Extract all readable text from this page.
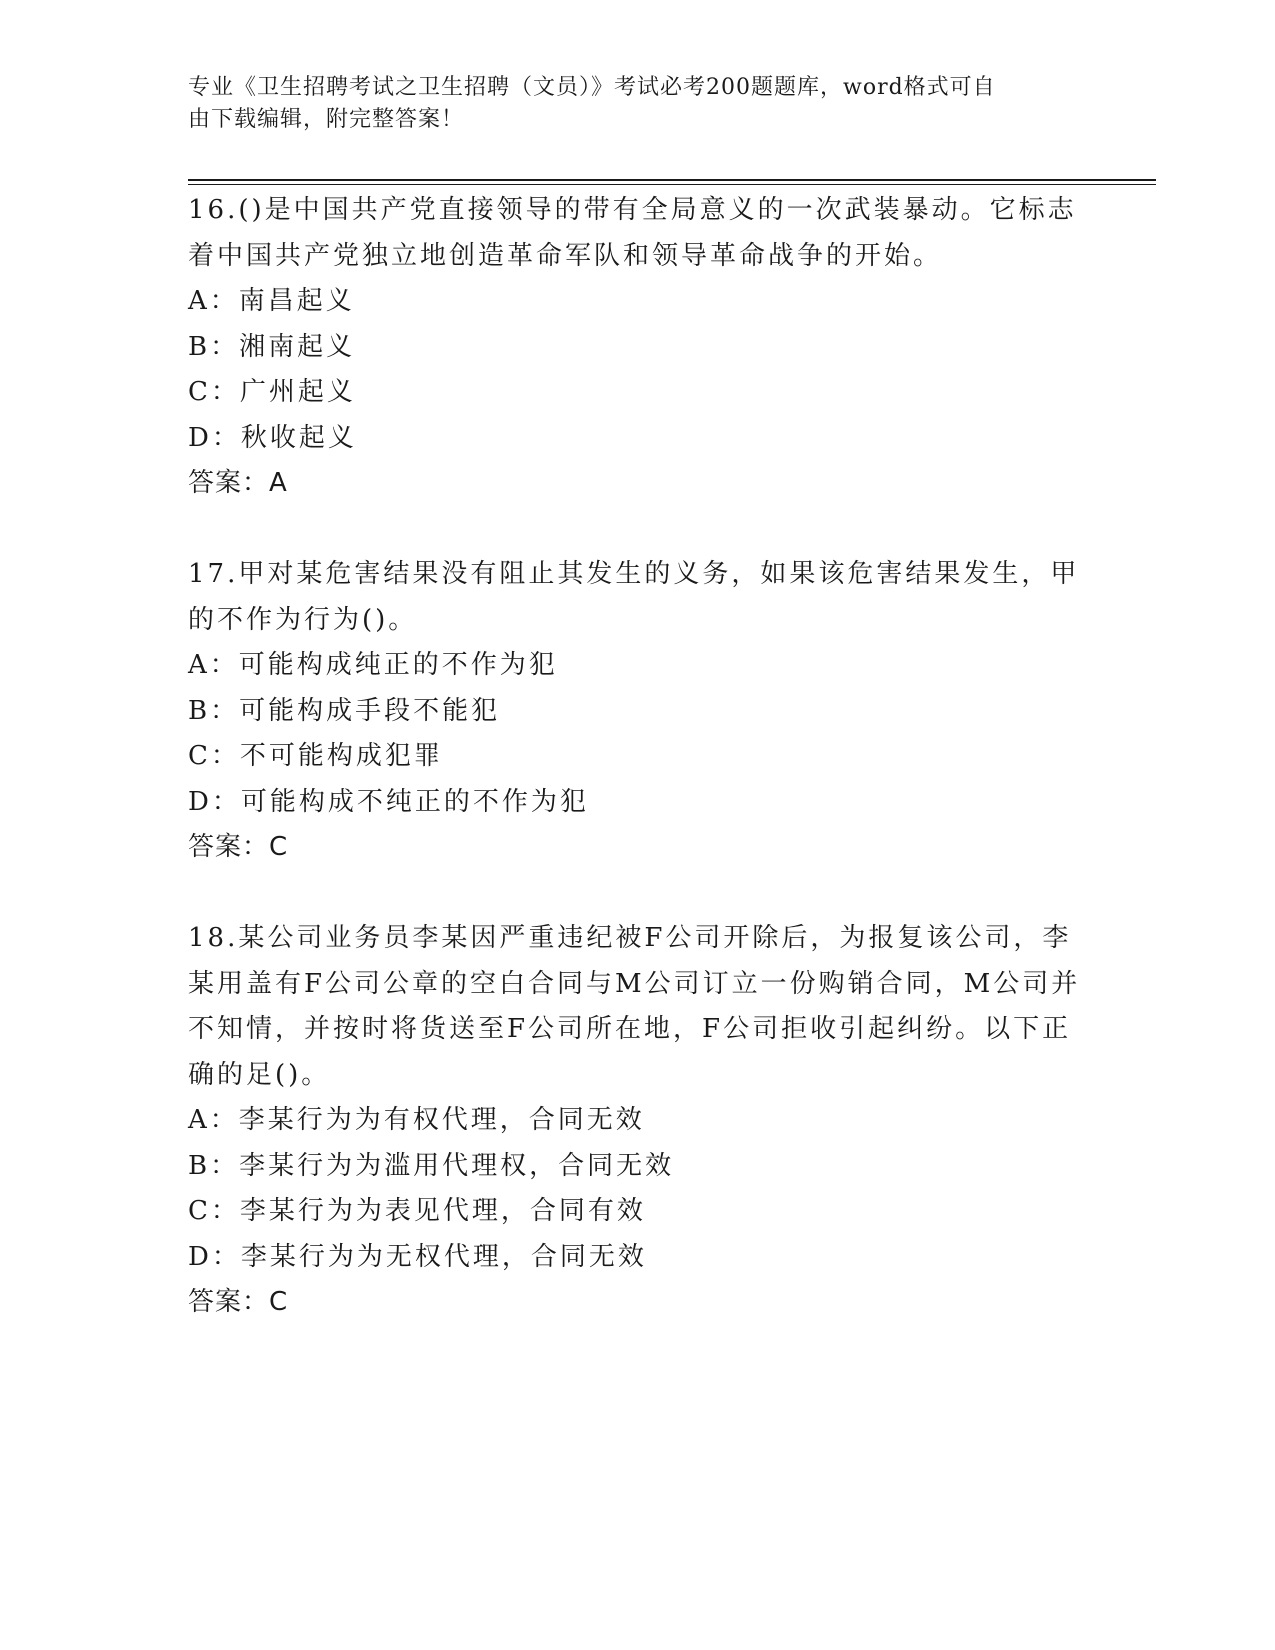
专业《卫生招聘考试之卫生招聘（文员）》考试必考200题题库，word格式可自
由下载编辑，附完整答案！
16.()是中国共产党直接领导的带有全局意义的一次武装暴动。它标志
着中国共产党独立地创造革命军队和领导革命战争的开始。
A：南昌起义
B：湘南起义
C：广州起义
D：秋收起义
答案：A
17.甲对某危害结果没有阻止其发生的义务，如果该危害结果发生，甲
的不作为行为()。
A：可能构成纯正的不作为犯
B：可能构成手段不能犯
C：不可能构成犯罪
D：可能构成不纯正的不作为犯
答案：C
18.某公司业务员李某因严重违纪被F公司开除后，为报复该公司，李
某用盖有F公司公章的空白合同与M公司订立一份购销合同，M公司并
不知情，并按时将货送至F公司所在地，F公司拒收引起纠纷。以下正
确的足()。
A：李某行为为有权代理，合同无效
B：李某行为为滥用代理权，合同无效
C：李某行为为表见代理，合同有效
D：李某行为为无权代理，合同无效
答案：C
